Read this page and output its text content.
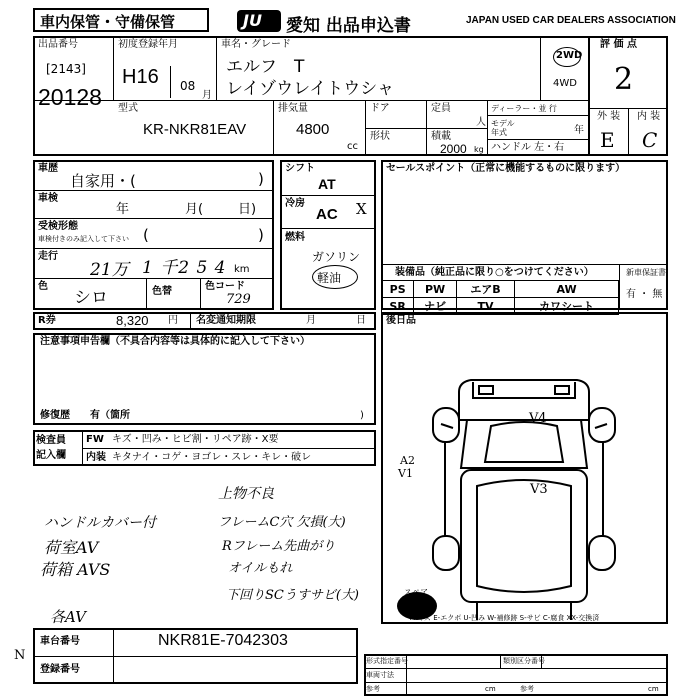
車内保管・守備保管	JU 愛知 出品申込書	JAPAN USED CAR DEALERS ASSOCIATION
出品番号
[2143]
20128
初度登録年月
H16 08
月
車名・グレード
エルフ　T
レイゾウレイトウシャ
2WD
4WD
評 価 点
2
外 装 内 装
E C
型式
KR-NKR81EAV
排気量
4800
cc
ドア
形状
定員
人
積載
2000 kg
ディーラー・並 行
モデル 年式	年
ハンドル 左・右
車歴
自家用・(	)
車検
年	月(	日)
受検形態
車検付きのみ記入して下さい (	)
走行
21万 1 千2 5 4 km
色
シロ	色替	色コード
729
シフト
AT
冷房
AC X
燃料
ガソリン
軽油
セールスポイント（正常に機能するものに限ります）
装備品（純正品に限り○をつけてください）
PS	PW	エアB	AW
SR	ナビ	TV	カワシート
新車保証書
有 ・ 無
R券	8,320 円 名変通知期限	月	日
注意事項申告欄（不具合内容等は具体的に記入して下さい）
修復歴　　有（箇所	)
後日品
検査員
記入欄
FW キズ・凹み・ヒビ割・リペア跡・X要
内装 キタナイ・コゲ・ヨゴレ・スレ・キレ・破レ
上物不良
ハンドルカバー付	フレームC穴 欠損(大)
荷室AV	Rフレーム先曲がり
荷箱 AVS	オイルもれ
下回りSCうすサビ(大)
各AV
V4
V3
A2
V1
スペア
A-キズ E-エクボ U-凹み W-補修跡 S-サビ C-腐食 XX-交換済
車台番号	NKR81E-7042303
登録番号
N	形式指定番号	類別区分番号
車両寸法
参考	参考
cm	cm
